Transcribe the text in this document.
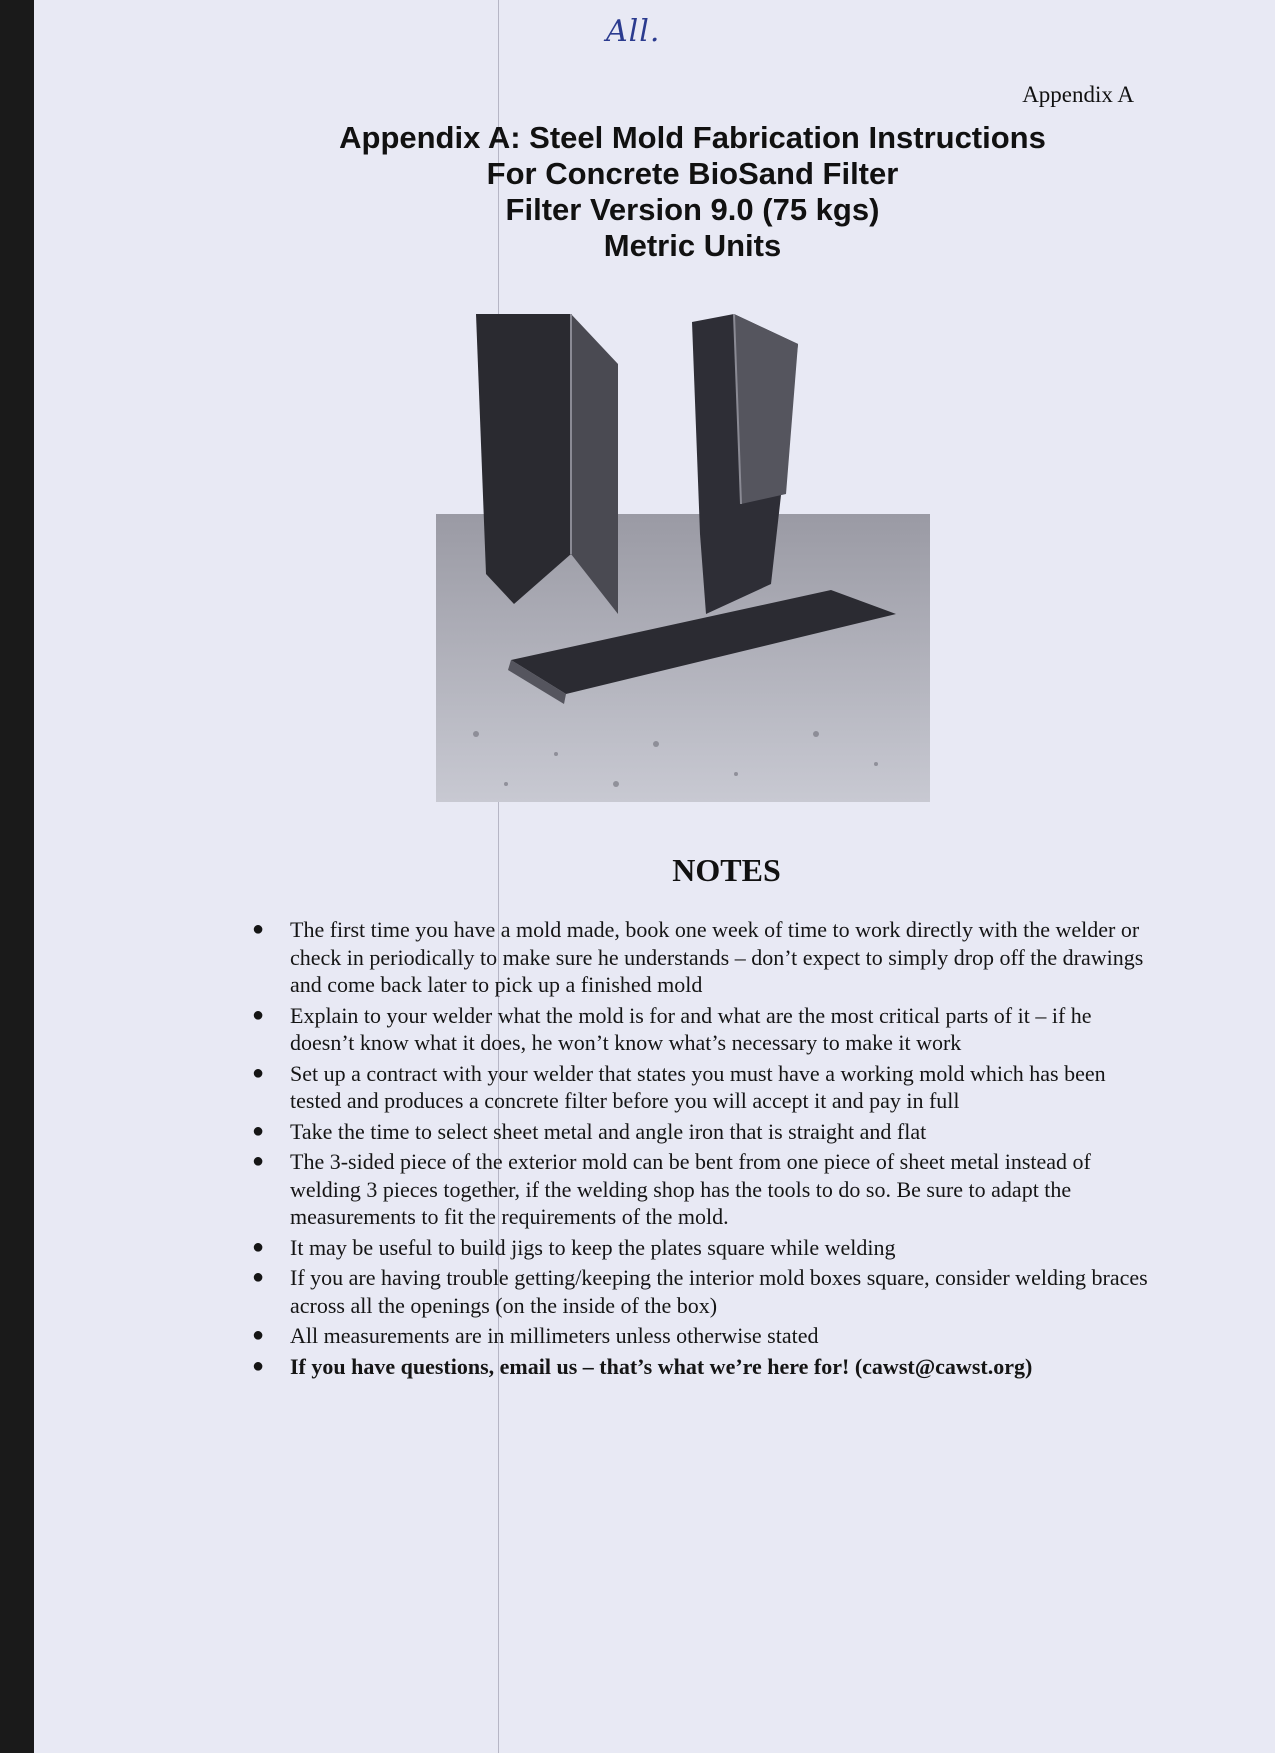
All.
Appendix A
Appendix A: Steel Mold Fabrication Instructions
For Concrete BioSand Filter
Filter Version 9.0 (75 kgs)
Metric Units
NOTES
● The first time you have a mold made, book one week of time to work directly with the welder or check in periodically to make sure he understands – don’t expect to simply drop off the drawings and come back later to pick up a finished mold
● Explain to your welder what the mold is for and what are the most critical parts of it – if he doesn’t know what it does, he won’t know what’s necessary to make it work
● Set up a contract with your welder that states you must have a working mold which has been tested and produces a concrete filter before you will accept it and pay in full
● Take the time to select sheet metal and angle iron that is straight and flat
● The 3-sided piece of the exterior mold can be bent from one piece of sheet metal instead of welding 3 pieces together, if the welding shop has the tools to do so. Be sure to adapt the measurements to fit the requirements of the mold.
● It may be useful to build jigs to keep the plates square while welding
● If you are having trouble getting/keeping the interior mold boxes square, consider welding braces across all the openings (on the inside of the box)
● All measurements are in millimeters unless otherwise stated
● If you have questions, email us – that’s what we’re here for! (cawst@cawst.org)
